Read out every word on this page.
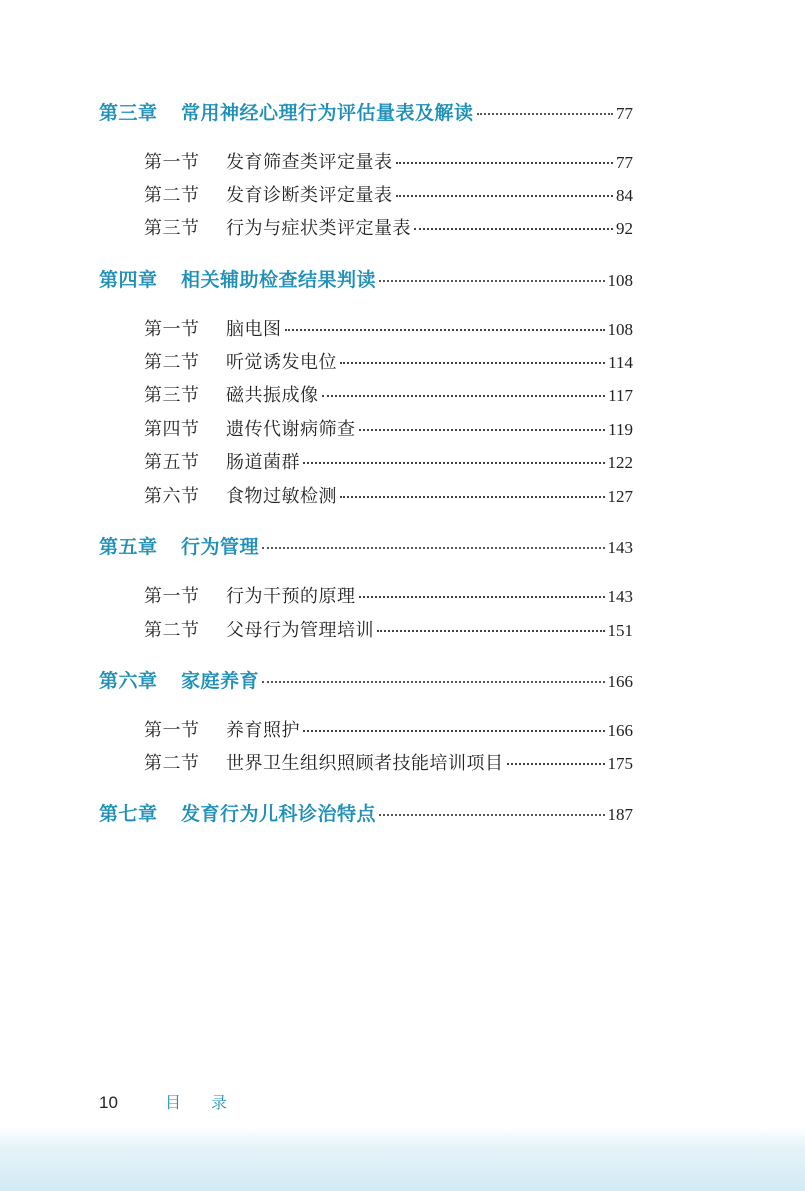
第三章	常用神经心理行为评估量表及解读	77
第一节	发育筛查类评定量表	77
第二节	发育诊断类评定量表	84
第三节	行为与症状类评定量表	92
第四章	相关辅助检查结果判读	108
第一节	脑电图	108
第二节	听觉诱发电位	114
第三节	磁共振成像	117
第四节	遗传代谢病筛查	119
第五节	肠道菌群	122
第六节	食物过敏检测	127
第五章	行为管理	143
第一节	行为干预的原理	143
第二节	父母行为管理培训	151
第六章	家庭养育	166
第一节	养育照护	166
第二节	世界卫生组织照顾者技能培训项目	175
第七章	发育行为儿科诊治特点	187
10	目录
